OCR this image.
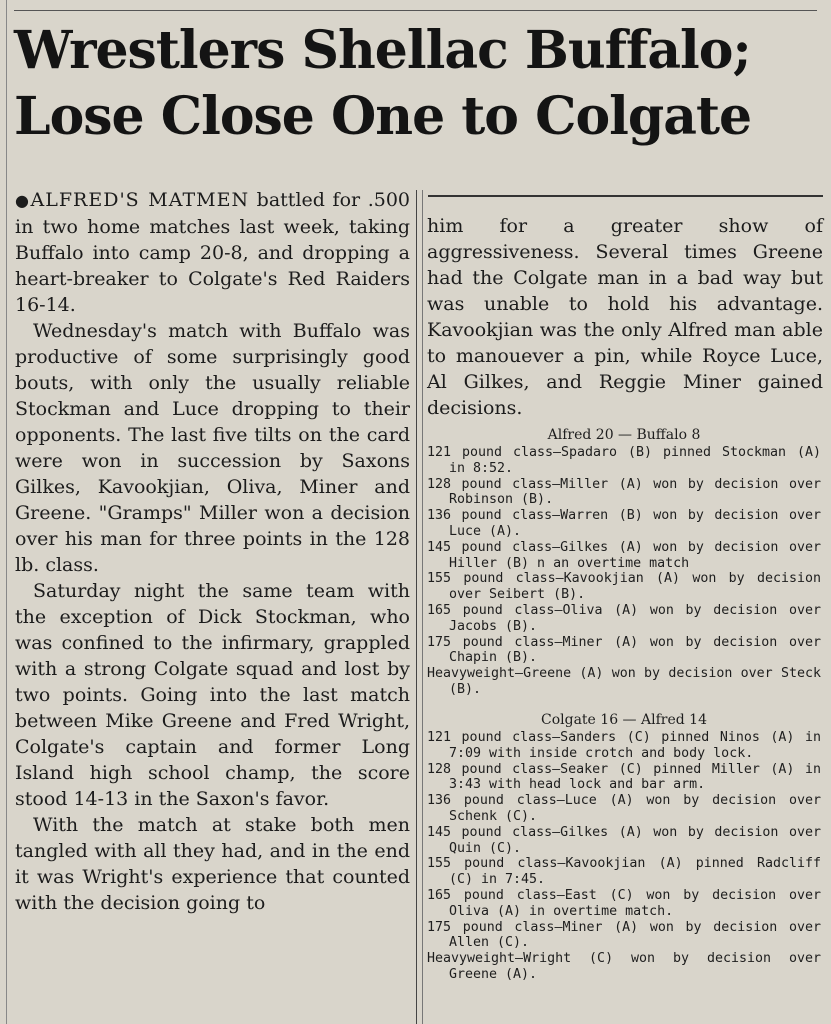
Wrestlers Shellac Buffalo;
Lose Close One to Colgate

●ALFRED'S MATMEN battled for .500 in two home matches last week, taking Buffalo into camp 20-8, and dropping a heart-breaker to Colgate's Red Raiders 16-14.

Wednesday's match with Buffalo was productive of some surprisingly good bouts, with only the usually reliable Stockman and Luce dropping to their opponents. The last five tilts on the card were won in succession by Saxons Gilkes, Kavookjian, Oliva, Miner and Greene. "Gramps" Miller won a decision over his man for three points in the 128 lb. class.

Saturday night the same team with the exception of Dick Stockman, who was confined to the infirmary, grappled with a strong Colgate squad and lost by two points. Going into the last match between Mike Greene and Fred Wright, Colgate's captain and former Long Island high school champ, the score stood 14-13 in the Saxon's favor.

With the match at stake both men tangled with all they had, and in the end it was Wright's experience that counted with the decision going to

him for a greater show of aggressiveness. Several times Greene had the Colgate man in a bad way but was unable to hold his advantage. Kavookjian was the only Alfred man able to manouever a pin, while Royce Luce, Al Gilkes, and Reggie Miner gained decisions.

Alfred 20 — Buffalo 8
121 pound class—Spadaro (B) pinned Stockman (A) in 8:52.
128 pound class—Miller (A) won by decision over Robinson (B).
136 pound class—Warren (B) won by decision over Luce (A).
145 pound class—Gilkes (A) won by decision over Hiller (B) n an overtime match
155 pound class—Kavookjian (A) won by decision over Seibert (B).
165 pound class—Oliva (A) won by decision over Jacobs (B).
175 pound class—Miner (A) won by decision over Chapin (B).
Heavyweight—Greene (A) won by decision over Steck (B).
Colgate 16 — Alfred 14
121 pound class—Sanders (C) pinned Ninos (A) in 7:09 with inside crotch and body lock.
128 pound class—Seaker (C) pinned Miller (A) in 3:43 with head lock and bar arm.
136 pound class—Luce (A) won by decision over Schenk (C).
145 pound class—Gilkes (A) won by decision over Quin (C).
155 pound class—Kavookjian (A) pinned Radcliff (C) in 7:45.
165 pound class—East (C) won by decision over Oliva (A) in overtime match.
175 pound class—Miner (A) won by decision over Allen (C).
Heavyweight—Wright (C) won by decision over Greene (A).
